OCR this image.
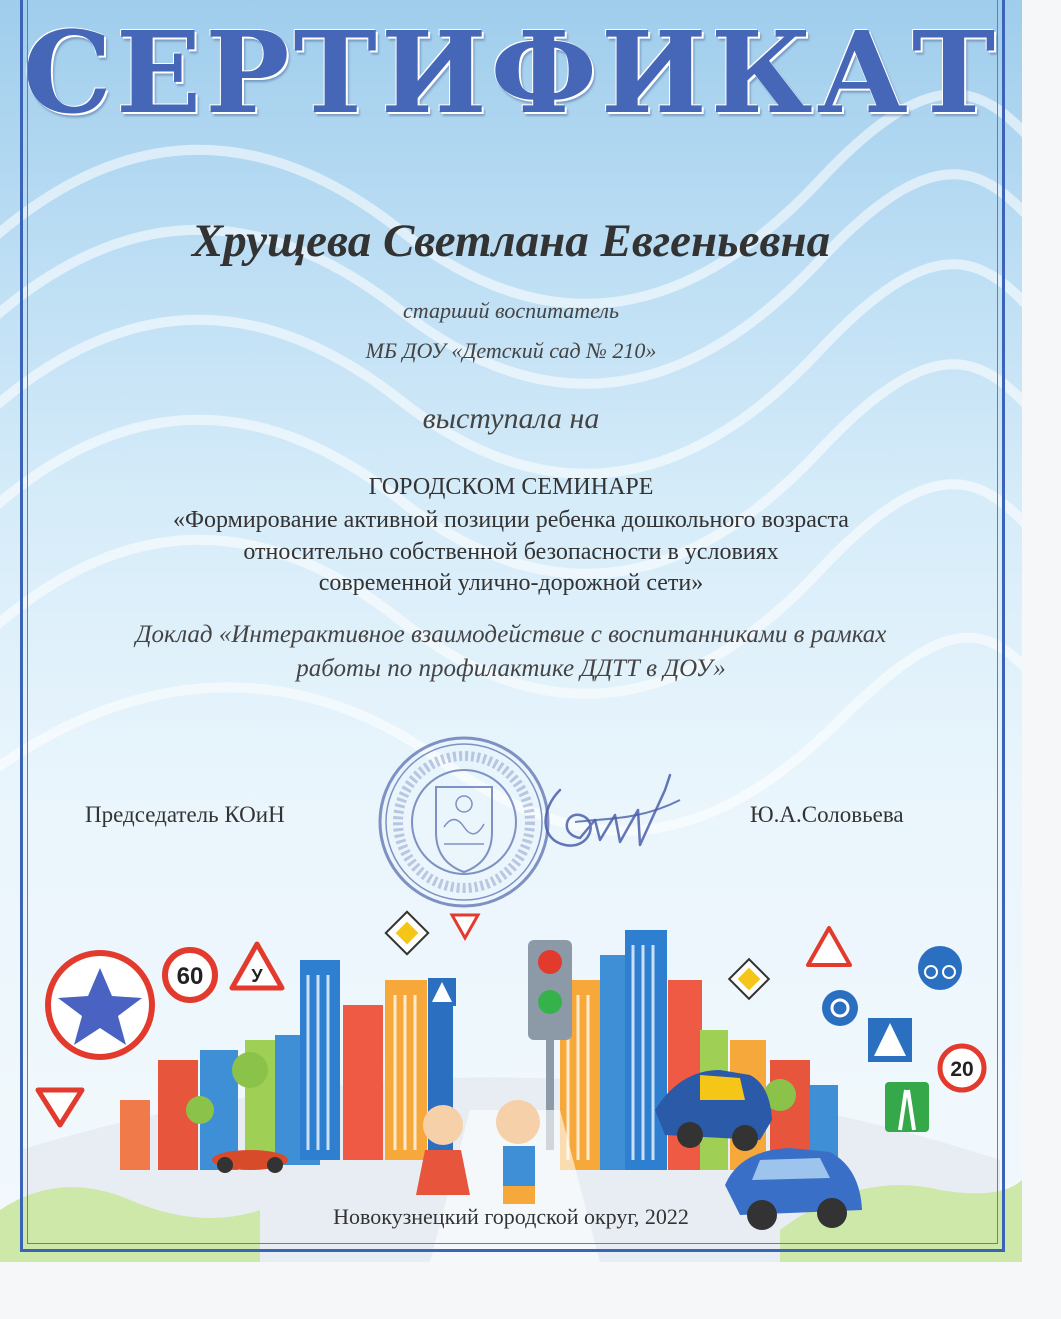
СЕРТИФИКАТ
Хрущева Светлана Евгеньевна
старший воспитатель
МБ ДОУ «Детский сад № 210»
выступала на
ГОРОДСКОМ СЕМИНАРЕ
«Формирование активной позиции ребенка дошкольного возраста
относительно собственной безопасности в условиях
современной улично-дорожной сети»
Доклад «Интерактивное взаимодействие с воспитанниками в рамках
работы по профилактике ДДТТ в ДОУ»
Председатель КОиН	Ю.А.Соловьева
60	У
20
Новокузнецкий городской округ, 2022
